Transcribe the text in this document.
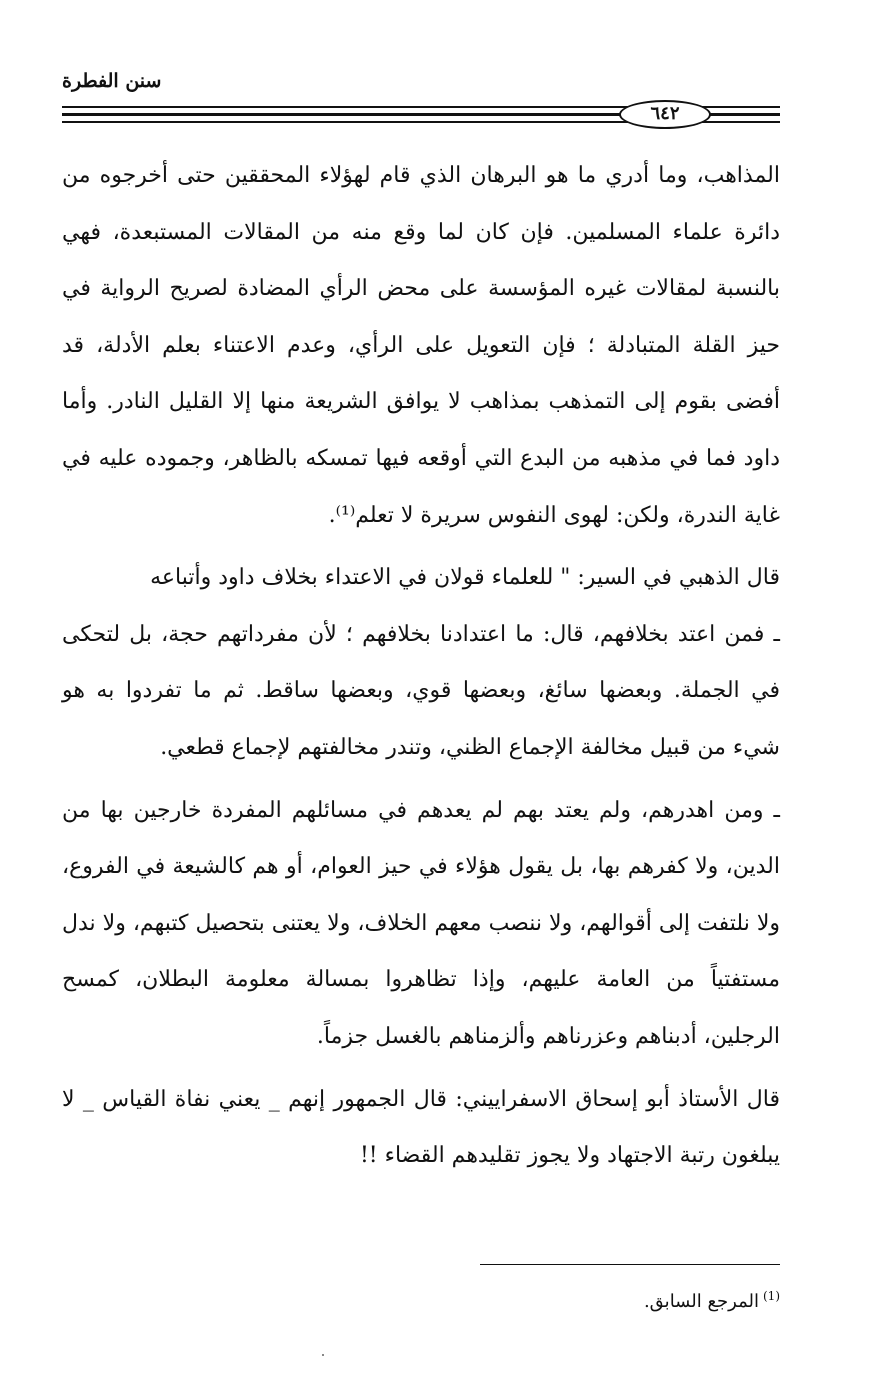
سنن الفطرة
٦٤٢

المذاهب، وما أدري ما هو البرهان الذي قام لهؤلاء المحققين حتى أخرجوه من دائرة علماء المسلمين. فإن كان لما وقع منه من المقالات المستبعدة، فهي بالنسبة لمقالات غيره المؤسسة على محض الرأي المضادة لصريح الرواية في حيز القلة المتبادلة ؛ فإن التعويل على الرأي، وعدم الاعتناء بعلم الأدلة، قد أفضى بقوم إلى التمذهب بمذاهب لا يوافق الشريعة منها إلا القليل النادر. وأما داود فما في مذهبه من البدع التي أوقعه فيها تمسكه بالظاهر، وجموده عليه في غاية الندرة، ولكن: لهوى النفوس سريرة لا تعلم⁽¹⁾.

قال الذهبي في السير: " للعلماء قولان في الاعتداء بخلاف داود وأتباعه

ـ فمن اعتد بخلافهم، قال: ما اعتدادنا بخلافهم ؛ لأن مفرداتهم حجة، بل لتحكى في الجملة. وبعضها سائغ، وبعضها قوي، وبعضها ساقط. ثم ما تفردوا به هو شيء من قبيل مخالفة الإجماع الظني، وتندر مخالفتهم لإجماع قطعي.

ـ ومن اهدرهم، ولم يعتد بهم لم يعدهم في مسائلهم المفردة خارجين بها من الدين، ولا كفرهم بها، بل يقول هؤلاء في حيز العوام، أو هم كالشيعة في الفروع، ولا نلتفت إلى أقوالهم، ولا ننصب معهم الخلاف، ولا يعتنى بتحصيل كتبهم، ولا ندل مستفتياً من العامة عليهم، وإذا تظاهروا بمسالة معلومة البطلان، كمسح الرجلين، أدبناهم وعزرناهم وألزمناهم بالغسل جزماً.

قال الأستاذ أبو إسحاق الاسفراييني: قال الجمهور إنهم _ يعني نفاة القياس _ لا يبلغون رتبة الاجتهاد ولا يجوز تقليدهم القضاء !!

$^{(1)}$المرجع السابق.
